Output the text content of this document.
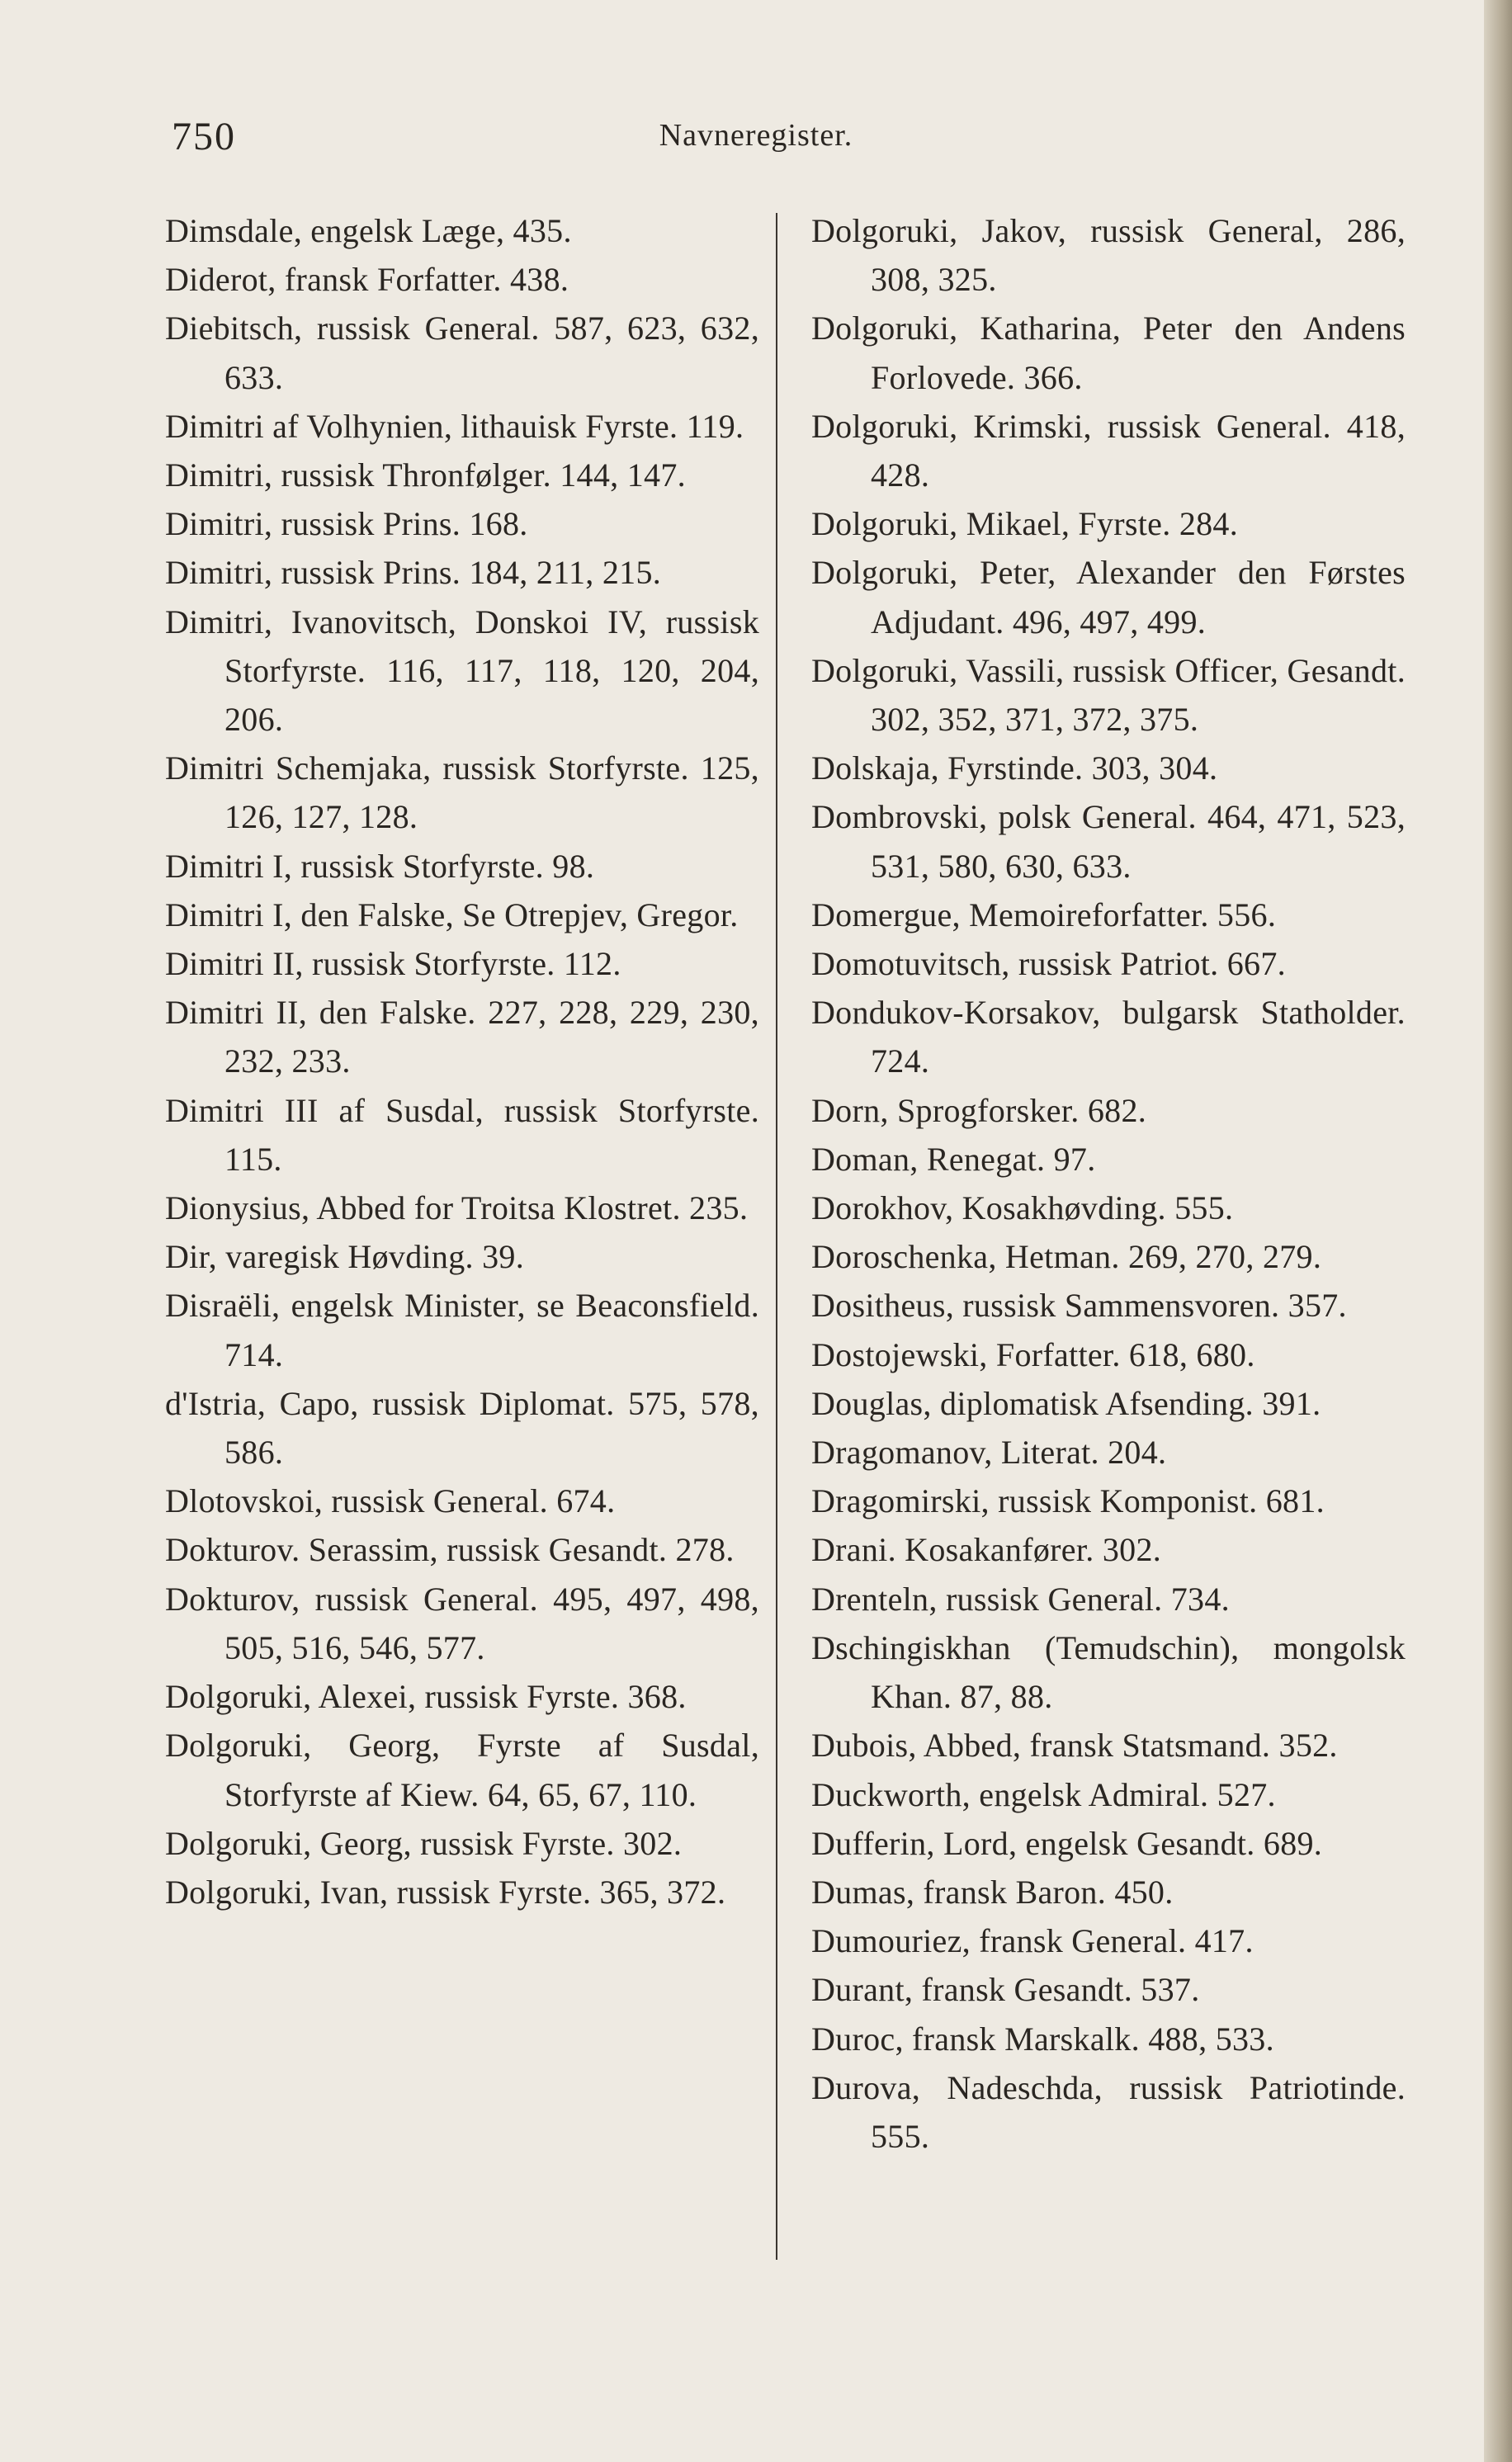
750	Navneregister.
Dimsdale, engelsk Læge, 435.
Diderot, fransk Forfatter. 438.
Diebitsch, russisk General. 587, 623, 632, 633.
Dimitri af Volhynien, lithauisk Fyrste. 119.
Dimitri, russisk Thronfølger. 144, 147.
Dimitri, russisk Prins. 168.
Dimitri, russisk Prins. 184, 211, 215.
Dimitri, Ivanovitsch, Donskoi IV, russisk Storfyrste. 116, 117, 118, 120, 204, 206.
Dimitri Schemjaka, russisk Storfyrste. 125, 126, 127, 128.
Dimitri I, russisk Storfyrste. 98.
Dimitri I, den Falske, Se Otrepjev, Gregor.
Dimitri II, russisk Storfyrste. 112.
Dimitri II, den Falske. 227, 228, 229, 230, 232, 233.
Dimitri III af Susdal, russisk Storfyrste. 115.
Dionysius, Abbed for Troitsa Klostret. 235.
Dir, varegisk Høvding. 39.
Disraëli, engelsk Minister, se Beaconsfield. 714.
d'Istria, Capo, russisk Diplomat. 575, 578, 586.
Dlotovskoi, russisk General. 674.
Dokturov. Serassim, russisk Gesandt. 278.
Dokturov, russisk General. 495, 497, 498, 505, 516, 546, 577.
Dolgoruki, Alexei, russisk Fyrste. 368.
Dolgoruki, Georg, Fyrste af Susdal, Storfyrste af Kiew. 64, 65, 67, 110.
Dolgoruki, Georg, russisk Fyrste. 302.
Dolgoruki, Ivan, russisk Fyrste. 365, 372.
Dolgoruki, Jakov, russisk General, 286, 308, 325.
Dolgoruki, Katharina, Peter den Andens Forlovede. 366.
Dolgoruki, Krimski, russisk General. 418, 428.
Dolgoruki, Mikael, Fyrste. 284.
Dolgoruki, Peter, Alexander den Førstes Adjudant. 496, 497, 499.
Dolgoruki, Vassili, russisk Officer, Gesandt. 302, 352, 371, 372, 375.
Dolskaja, Fyrstinde. 303, 304.
Dombrovski, polsk General. 464, 471, 523, 531, 580, 630, 633.
Domergue, Memoireforfatter. 556.
Domotuvitsch, russisk Patriot. 667.
Dondukov-Korsakov, bulgarsk Statholder. 724.
Dorn, Sprogforsker. 682.
Doman, Renegat. 97.
Dorokhov, Kosakhøvding. 555.
Doroschenka, Hetman. 269, 270, 279.
Dositheus, russisk Sammensvoren. 357.
Dostojewski, Forfatter. 618, 680.
Douglas, diplomatisk Afsending. 391.
Dragomanov, Literat. 204.
Dragomirski, russisk Komponist. 681.
Drani. Kosakanfører. 302.
Drenteln, russisk General. 734.
Dschingiskhan (Temudschin), mongolsk Khan. 87, 88.
Dubois, Abbed, fransk Statsmand. 352.
Duckworth, engelsk Admiral. 527.
Dufferin, Lord, engelsk Gesandt. 689.
Dumas, fransk Baron. 450.
Dumouriez, fransk General. 417.
Durant, fransk Gesandt. 537.
Duroc, fransk Marskalk. 488, 533.
Durova, Nadeschda, russisk Patriotinde. 555.
